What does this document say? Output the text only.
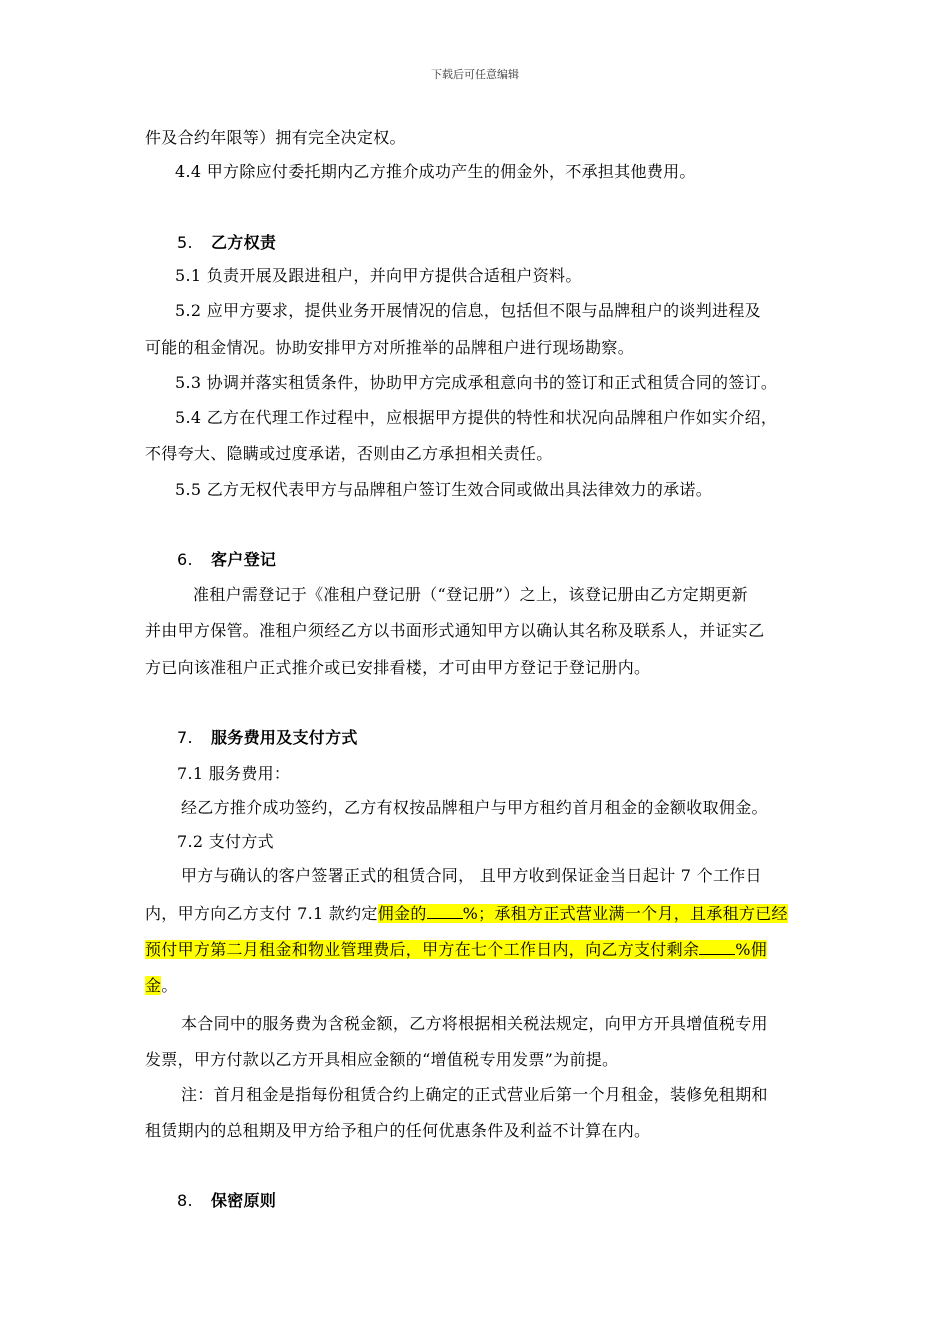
下载后可任意编辑
件及合约年限等）拥有完全决定权。
4.4 甲方除应付委托期内乙方推介成功产生的佣金外，不承担其他费用。
5. 乙方权责
5.1 负责开展及跟进租户，并向甲方提供合适租户资料。
5.2 应甲方要求，提供业务开展情况的信息，包括但不限与品牌租户的谈判进程及
可能的租金情况。协助安排甲方对所推举的品牌租户进行现场勘察。
5.3 协调并落实租赁条件，协助甲方完成承租意向书的签订和正式租赁合同的签订。
5.4 乙方在代理工作过程中，应根据甲方提供的特性和状况向品牌租户作如实介绍，
不得夸大、隐瞒或过度承诺，否则由乙方承担相关责任。
5.5 乙方无权代表甲方与品牌租户签订生效合同或做出具法律效力的承诺。
6. 客户登记
准租户需登记于《准租户登记册（“登记册”）之上，该登记册由乙方定期更新
并由甲方保管。准租户须经乙方以书面形式通知甲方以确认其名称及联系人，并证实乙
方已向该准租户正式推介或已安排看楼，才可由甲方登记于登记册内。
7. 服务费用及支付方式
7.1 服务费用：
经乙方推介成功签约，乙方有权按品牌租户与甲方租约首月租金的金额收取佣金。
7.2 支付方式
甲方与确认的客户签署正式的租赁合同， 且甲方收到保证金当日起计 7 个工作日
内，甲方向乙方支付 7.1 款约定佣金的 %；承租方正式营业满一个月，且承租方已经
预付甲方第二月租金和物业管理费后，甲方在七个工作日内，向乙方支付剩余 %佣
金。
本合同中的服务费为含税金额，乙方将根据相关税法规定，向甲方开具增值税专用
发票，甲方付款以乙方开具相应金额的“增值税专用发票”为前提。
注：首月租金是指每份租赁合约上确定的正式营业后第一个月租金，装修免租期和
租赁期内的总租期及甲方给予租户的任何优惠条件及利益不计算在内。
8. 保密原则
